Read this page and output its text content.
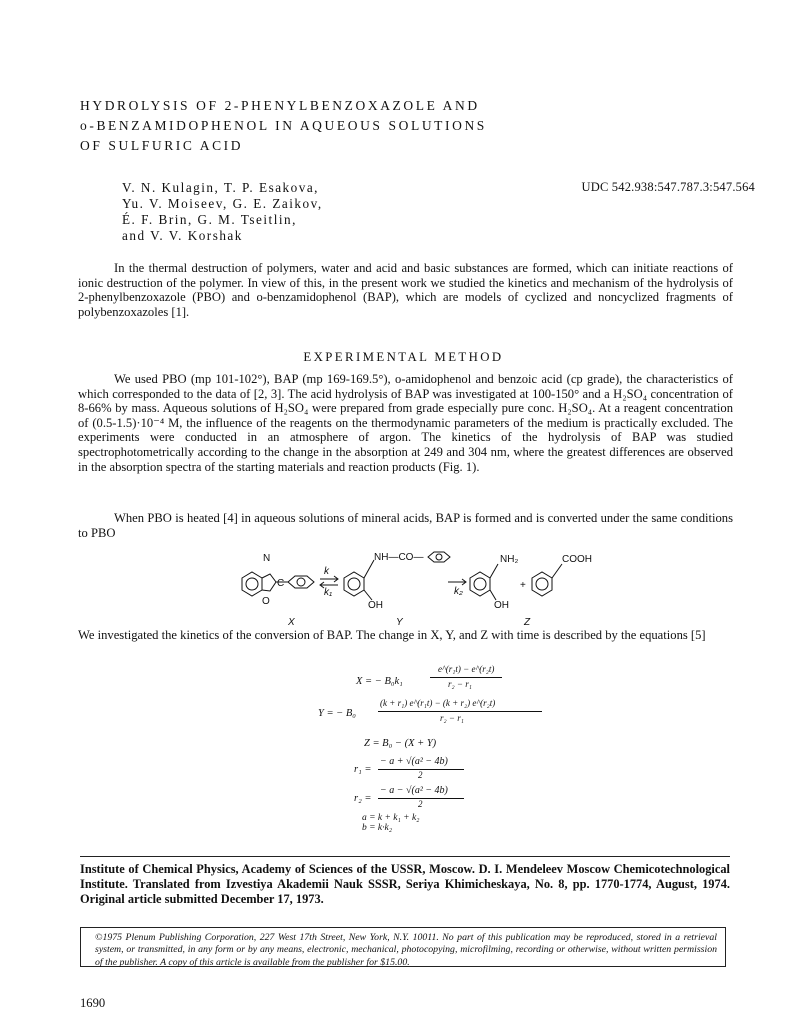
HYDROLYSIS OF 2-PHENYLBENZOXAZOLE AND
o-BENZAMIDOPHENOL IN AQUEOUS SOLUTIONS
OF SULFURIC ACID
V. N. Kulagin, T. P. Esakova,
Yu. V. Moiseev, G. E. Zaikov,
É. F. Brin, G. M. Tseitlin,
and V. V. Korshak
UDC 542.938:547.787.3:547.564

In the thermal destruction of polymers, water and acid and basic substances are formed, which can initiate reactions of ionic destruction of the polymer. In view of this, in the present work we studied the kinetics and mechanism of the hydrolysis of 2-phenylbenzoxazole (PBO) and o-benzamidophenol (BAP), which are models of cyclized and noncyclized fragments of polybenzoxazoles [1].

EXPERIMENTAL METHOD

We used PBO (mp 101-102°), BAP (mp 169-169.5°), o-amidophenol and benzoic acid (cp grade), the characteristics of which corresponded to the data of [2, 3]. The acid hydrolysis of BAP was investigated at 100-150° and a H₂SO₄ concentration of 8-66% by mass. Aqueous solutions of H₂SO₄ were prepared from grade especially pure conc. H₂SO₄. At a reagent concentration of (0.5-1.5)·10⁻⁴ M, the influence of the reagents on the thermodynamic parameters of the medium is practically excluded. The experiments were conducted in an atmosphere of argon. The kinetics of the hydrolysis of BAP was studied spectrophotometrically according to the change in the absorption at 249 and 304 nm, where the greatest differences are observed in the absorption spectra of the starting materials and reaction products (Fig. 1).

When PBO is heated [4] in aqueous solutions of mineral acids, BAP is formed and is converted under the same conditions to PBO

N
C
O
k
k₁
NH—CO—
OH
k₂
NH₂
OH
+
COOH
X	Y	Z

We investigated the kinetics of the conversion of BAP. The change in X, Y, and Z with time is described by the equations [5]

X = − B₀k₁
e^(r₁t) − e^(r₂t)
r₂ − r₁
Y = − B₀
(k + r₁) e^(r₁t) − (k + r₂) e^(r₂t)
r₂ − r₁
Z = B₀ − (X + Y)
r₁ =
− a + √(a² − 4b)
2
r₂ =
− a − √(a² − 4b)
2
a = k + k₁ + k₂
b = k·k₂

Institute of Chemical Physics, Academy of Sciences of the USSR, Moscow. D. I. Mendeleev Moscow Chemicotechnological Institute. Translated from Izvestiya Akademii Nauk SSSR, Seriya Khimicheskaya, No. 8, pp. 1770-1774, August, 1974. Original article submitted December 17, 1973.

©1975 Plenum Publishing Corporation, 227 West 17th Street, New York, N.Y. 10011. No part of this publication may be reproduced, stored in a retrieval system, or transmitted, in any form or by any means, electronic, mechanical, photocopying, microfilming, recording or otherwise, without written permission of the publisher. A copy of this article is available from the publisher for $15.00.
1690
